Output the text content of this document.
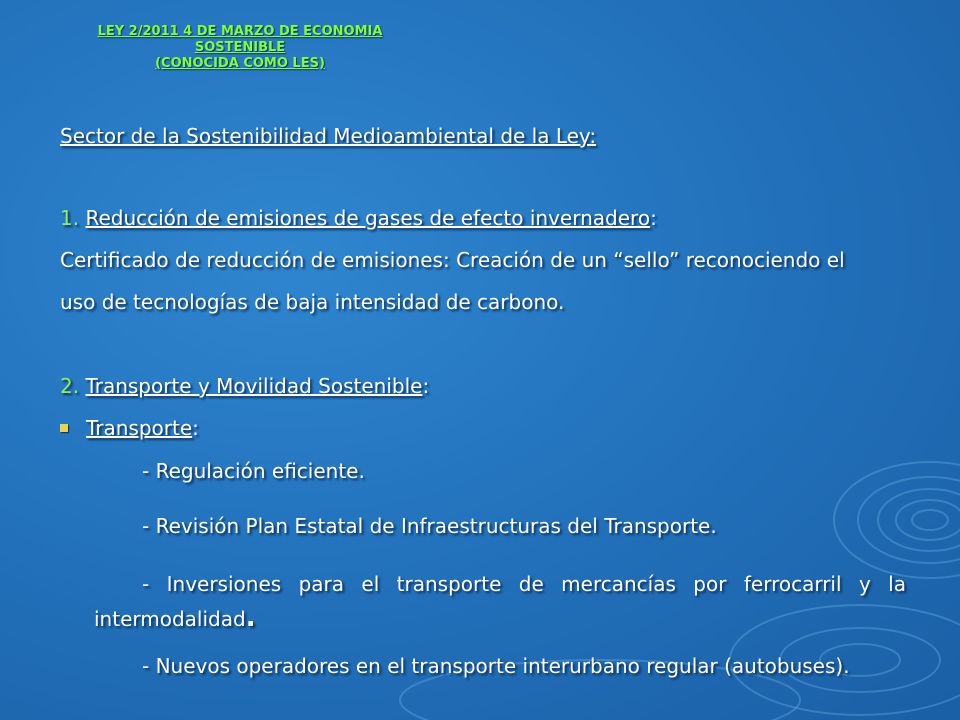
LEY 2/2011 4 DE MARZO DE ECONOMIA
SOSTENIBLE
(CONOCIDA COMO LES)
Sector de la Sostenibilidad Medioambiental de la Ley:
1. Reducción de emisiones de gases de efecto invernadero:
Certificado de reducción de emisiones: Creación de un “sello” reconociendo el
uso de tecnologías de baja intensidad de carbono.
2. Transporte y Movilidad Sostenible:
Transporte:
- Regulación eficiente.
- Revisión Plan Estatal de Infraestructuras del Transporte.
- Inversiones para el transporte de mercancías por ferrocarril y la
intermodalidad.
- Nuevos operadores en el transporte interurbano regular (autobuses).
